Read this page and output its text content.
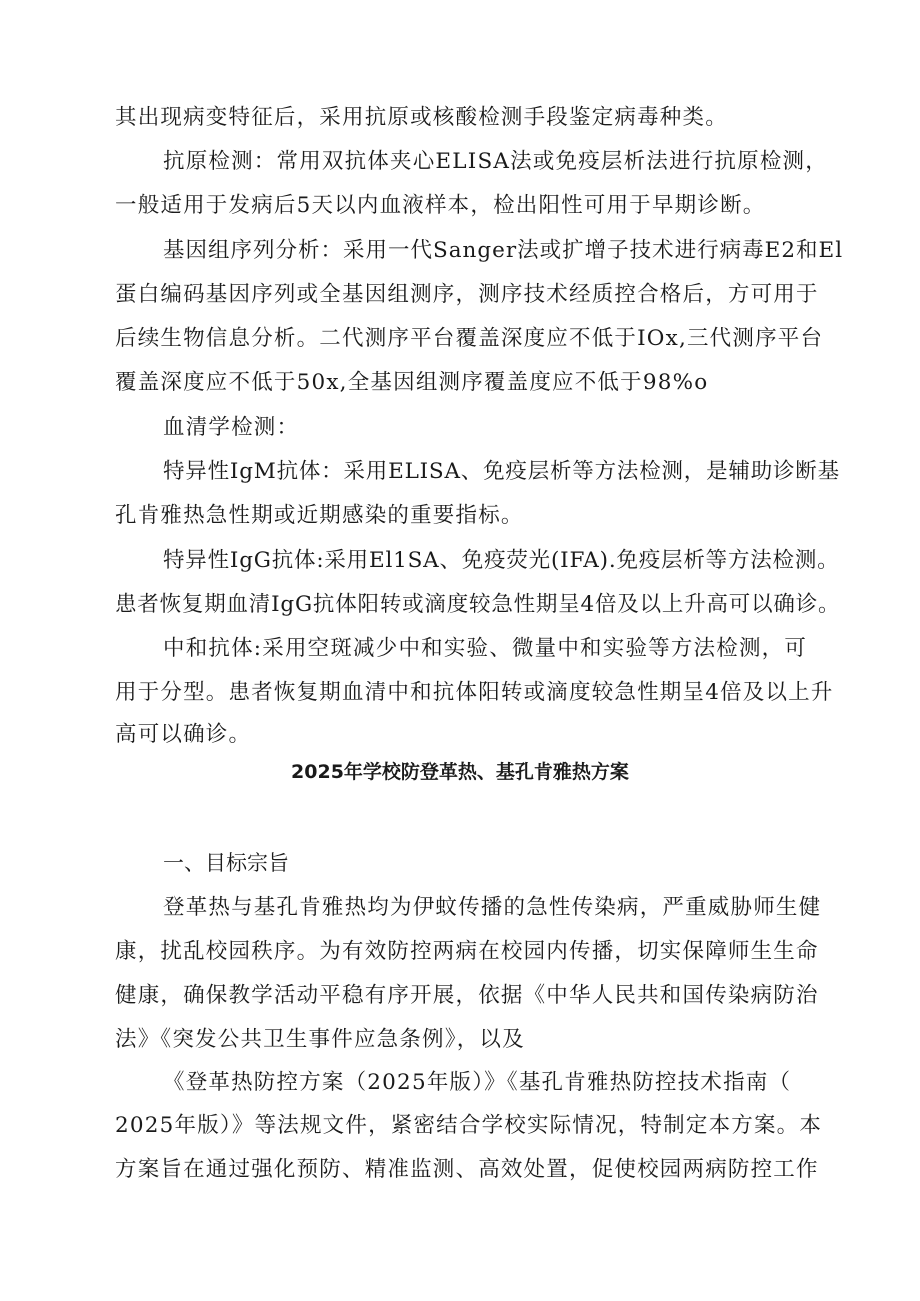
其出现病变特征后，采用抗原或核酸检测手段鉴定病毒种类。
抗原检测：常用双抗体夹心ELISA法或免疫层析法进行抗原检测，
一般适用于发病后5天以内血液样本，检出阳性可用于早期诊断。
基因组序列分析：采用一代Sanger法或扩增子技术进行病毒E2和El
蛋白编码基因序列或全基因组测序，测序技术经质控合格后，方可用于
后续生物信息分析。二代测序平台覆盖深度应不低于IOx,三代测序平台
覆盖深度应不低于50x,全基因组测序覆盖度应不低于98%o
血清学检测：
特异性IgM抗体：采用ELISA、免疫层析等方法检测，是辅助诊断基
孔肯雅热急性期或近期感染的重要指标。
特异性IgG抗体:采用El1SA、免疫荧光(IFA).免疫层析等方法检测。
患者恢复期血清IgG抗体阳转或滴度较急性期呈4倍及以上升高可以确诊。
中和抗体:采用空斑减少中和实验、微量中和实验等方法检测，可
用于分型。患者恢复期血清中和抗体阳转或滴度较急性期呈4倍及以上升
高可以确诊。
2025年学校防登革热、基孔肯雅热方案
一、目标宗旨
登革热与基孔肯雅热均为伊蚊传播的急性传染病，严重威胁师生健
康，扰乱校园秩序。为有效防控两病在校园内传播，切实保障师生生命
健康，确保教学活动平稳有序开展，依据《中华人民共和国传染病防治
法》《突发公共卫生事件应急条例》，以及
《登革热防控方案（2025年版）》《基孔肯雅热防控技术指南（
2025年版）》等法规文件，紧密结合学校实际情况，特制定本方案。本
方案旨在通过强化预防、精准监测、高效处置，促使校园两病防控工作
